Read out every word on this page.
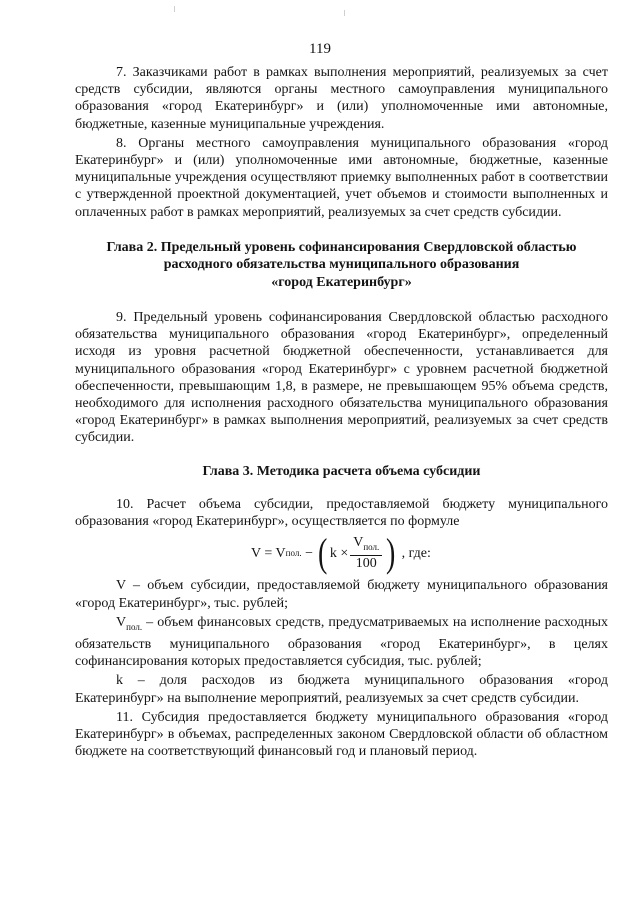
119

7. Заказчиками работ в рамках выполнения мероприятий, реализуемых за счет средств субсидии, являются органы местного самоуправления муниципального образования «город Екатеринбург» и (или) уполномоченные ими автономные, бюджетные, казенные муниципальные учреждения.

8. Органы местного самоуправления муниципального образования «город Екатеринбург» и (или) уполномоченные ими автономные, бюджетные, казенные муниципальные учреждения осуществляют приемку выполненных работ в соответствии с утвержденной проектной документацией, учет объемов и стоимости выполненных и оплаченных работ в рамках мероприятий, реализуемых за счет средств субсидии.

Глава 2. Предельный уровень софинансирования Свердловской областью
расходного обязательства муниципального образования
«город Екатеринбург»

9. Предельный уровень софинансирования Свердловской областью расходного обязательства муниципального образования «город Екатеринбург», определенный исходя из уровня расчетной бюджетной обеспеченности, устанавливается для муниципального образования «город Екатеринбург» с уровнем расчетной бюджетной обеспеченности, превышающим 1,8, в размере, не превышающем 95% объема средств, необходимого для исполнения расходного обязательства муниципального образования «город Екатеринбург» в рамках выполнения мероприятий, реализуемых за счет средств субсидии.

Глава 3. Методика расчета объема субсидии

10. Расчет объема субсидии, предоставляемой бюджету муниципального образования «город Екатеринбург», осуществляется по формуле

V = V пол. − ( $k \times \frac{V_{пол.}}{100}$ ) , где:

V – объем субсидии, предоставляемой бюджету муниципального образования «город Екатеринбург», тыс. рублей;

$V_{пол.}$ – объем финансовых средств, предусматриваемых на исполнение расходных обязательств муниципального образования «город Екатеринбург», в целях софинансирования которых предоставляется субсидия, тыс. рублей;

k – доля расходов из бюджета муниципального образования «город Екатеринбург» на выполнение мероприятий, реализуемых за счет средств субсидии.

11. Субсидия предоставляется бюджету муниципального образования «город Екатеринбург» в объемах, распределенных законом Свердловской области об областном бюджете на соответствующий финансовый год и плановый период.
